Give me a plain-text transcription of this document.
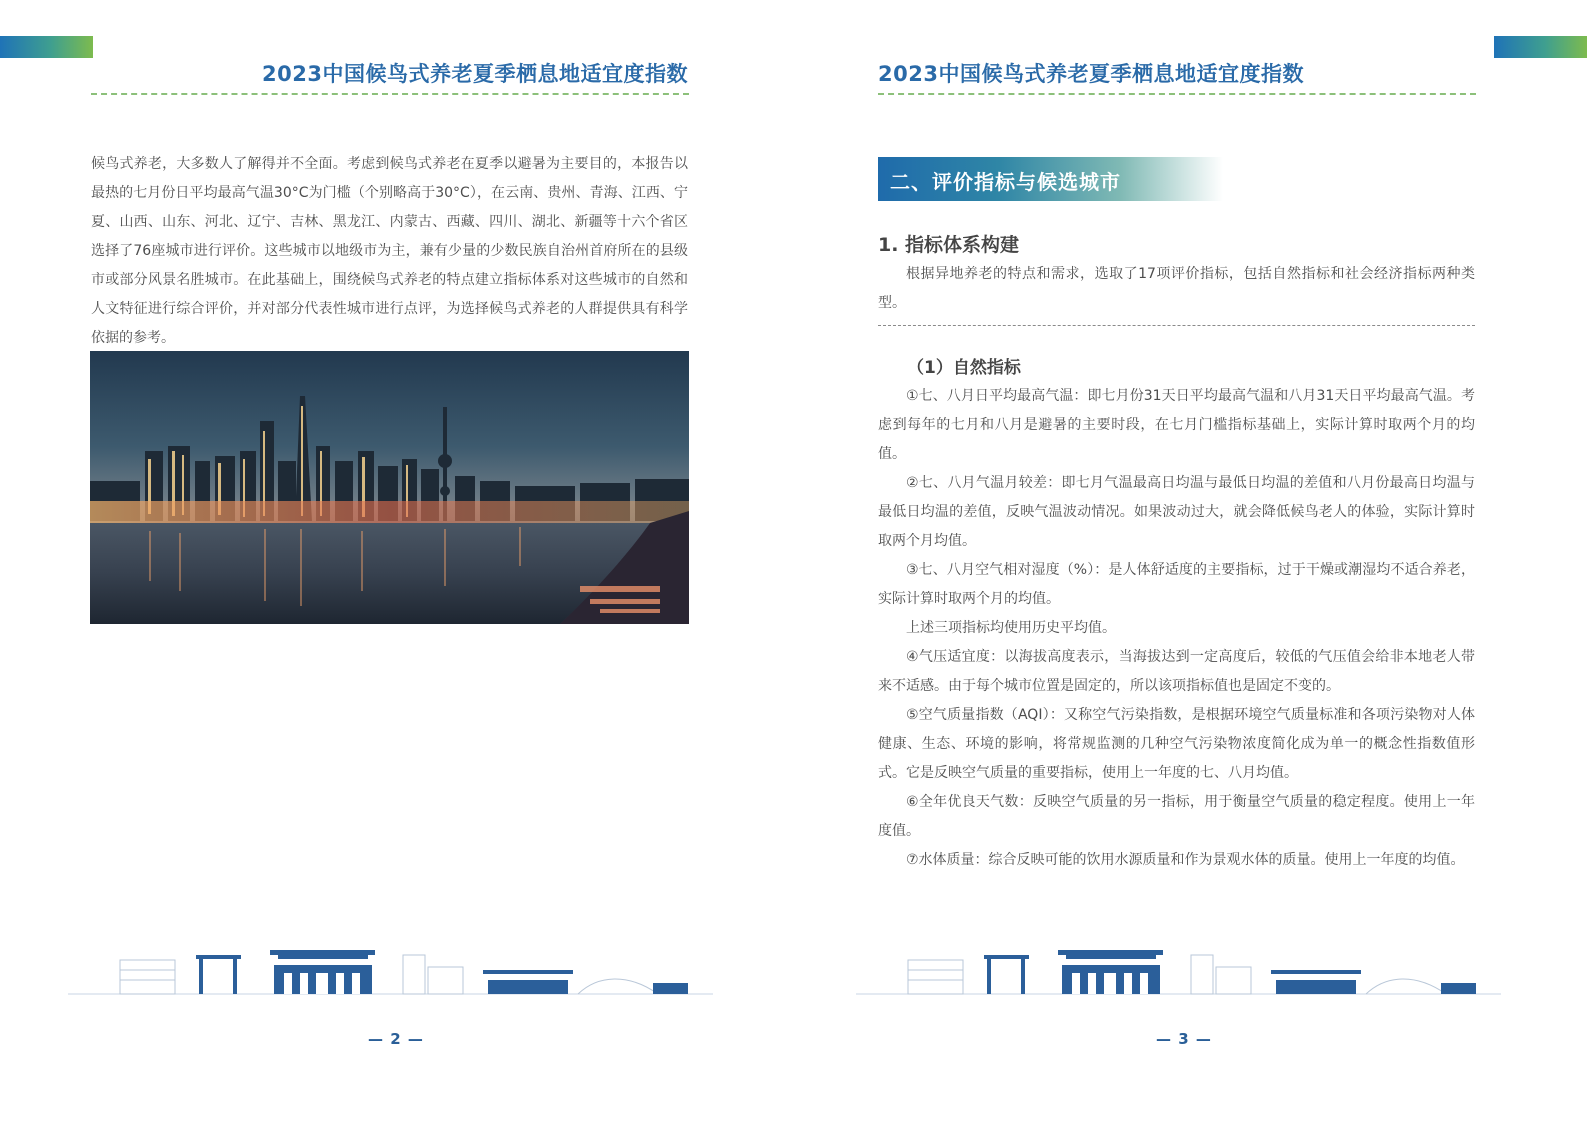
2023中国候鸟式养老夏季栖息地适宜度指数
候鸟式养老，大多数人了解得并不全面。考虑到候鸟式养老在夏季以避暑为主要目的，本报告以最热的七月份日平均最高气温30°C为门槛（个别略高于30°C），在云南、贵州、青海、江西、宁夏、山西、山东、河北、辽宁、吉林、黑龙江、内蒙古、西藏、四川、湖北、新疆等十六个省区选择了76座城市进行评价。这些城市以地级市为主，兼有少量的少数民族自治州首府所在的县级市或部分风景名胜城市。在此基础上，围绕候鸟式养老的特点建立指标体系对这些城市的自然和人文特征进行综合评价，并对部分代表性城市进行点评，为选择候鸟式养老的人群提供具有科学依据的参考。
— 2 —
2023中国候鸟式养老夏季栖息地适宜度指数
二、评价指标与候选城市
1. 指标体系构建
根据异地养老的特点和需求，选取了17项评价指标，包括自然指标和社会经济指标两种类型。
（1）自然指标

①七、八月日平均最高气温：即七月份31天日平均最高气温和八月31天日平均最高气温。考虑到每年的七月和八月是避暑的主要时段，在七月门槛指标基础上，实际计算时取两个月的均值。

②七、八月气温月较差：即七月气温最高日均温与最低日均温的差值和八月份最高日均温与最低日均温的差值，反映气温波动情况。如果波动过大，就会降低候鸟老人的体验，实际计算时取两个月均值。

③七、八月空气相对湿度（%）：是人体舒适度的主要指标，过于干燥或潮湿均不适合养老，实际计算时取两个月的均值。

上述三项指标均使用历史平均值。

④气压适宜度：以海拔高度表示，当海拔达到一定高度后，较低的气压值会给非本地老人带来不适感。由于每个城市位置是固定的，所以该项指标值也是固定不变的。

⑤空气质量指数（AQI）：又称空气污染指数，是根据环境空气质量标准和各项污染物对人体健康、生态、环境的影响，将常规监测的几种空气污染物浓度简化成为单一的概念性指数值形式。它是反映空气质量的重要指标，使用上一年度的七、八月均值。

⑥全年优良天气数：反映空气质量的另一指标，用于衡量空气质量的稳定程度。使用上一年度值。

⑦水体质量：综合反映可能的饮用水源质量和作为景观水体的质量。使用上一年度的均值。

— 3 —
